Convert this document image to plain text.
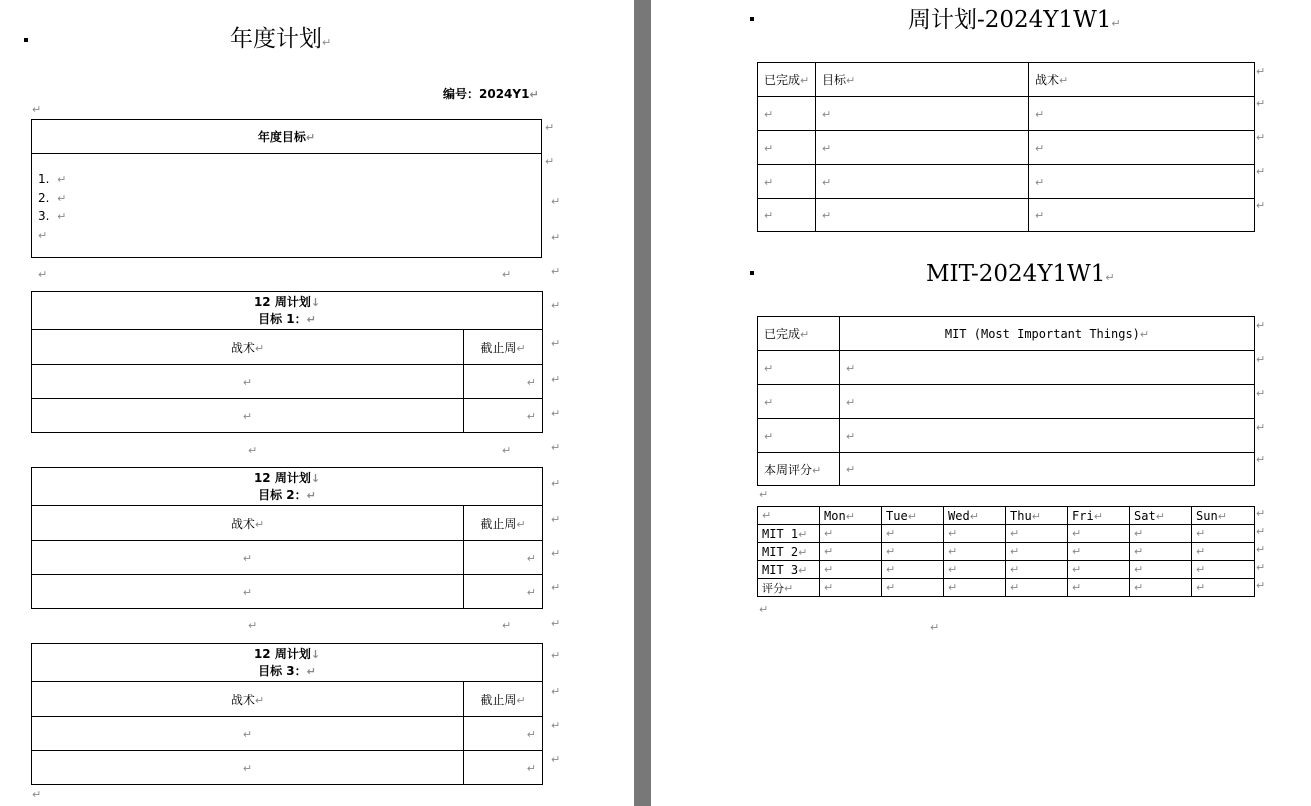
年度计划↵
编号：2024Y1↵
↵
年度目标↵

1. ↵
2. ↵
3. ↵
↵
↵	↵
12 周计划↓
目标 1：↵	
战术↵	截止周↵
↵	↵
↵	↵
↵	↵
12 周计划↓
目标 2：↵	
战术↵	截止周↵
↵	↵
↵	↵
↵	↵
12 周计划↓
目标 3：↵	
战术↵	截止周↵
↵	↵
↵	↵
↵
↵
↵
↵
↵
↵
↵
↵
↵
↵
↵
↵
↵
↵
↵
↵
↵
↵
↵
↵
周计划-2024Y1W1↵
已完成↵	目标↵	战术↵
↵	↵	↵
↵	↵	↵
↵	↵	↵
↵	↵	↵
MIT-2024Y1W1↵
已完成↵	MIT (Most Important Things)↵
↵	↵
↵	↵
↵	↵
本周评分↵	↵
↵
↵	Mon↵	Tue↵	Wed↵	Thu↵	Fri↵	Sat↵	Sun↵
MIT 1↵	↵	↵	↵	↵	↵	↵	↵
MIT 2↵	↵	↵	↵	↵	↵	↵	↵
MIT 3↵	↵	↵	↵	↵	↵	↵	↵
评分↵	↵	↵	↵	↵	↵	↵	↵
↵
↵
↵
↵
↵
↵
↵
↵
↵
↵
↵
↵
↵
↵
↵
↵
↵
